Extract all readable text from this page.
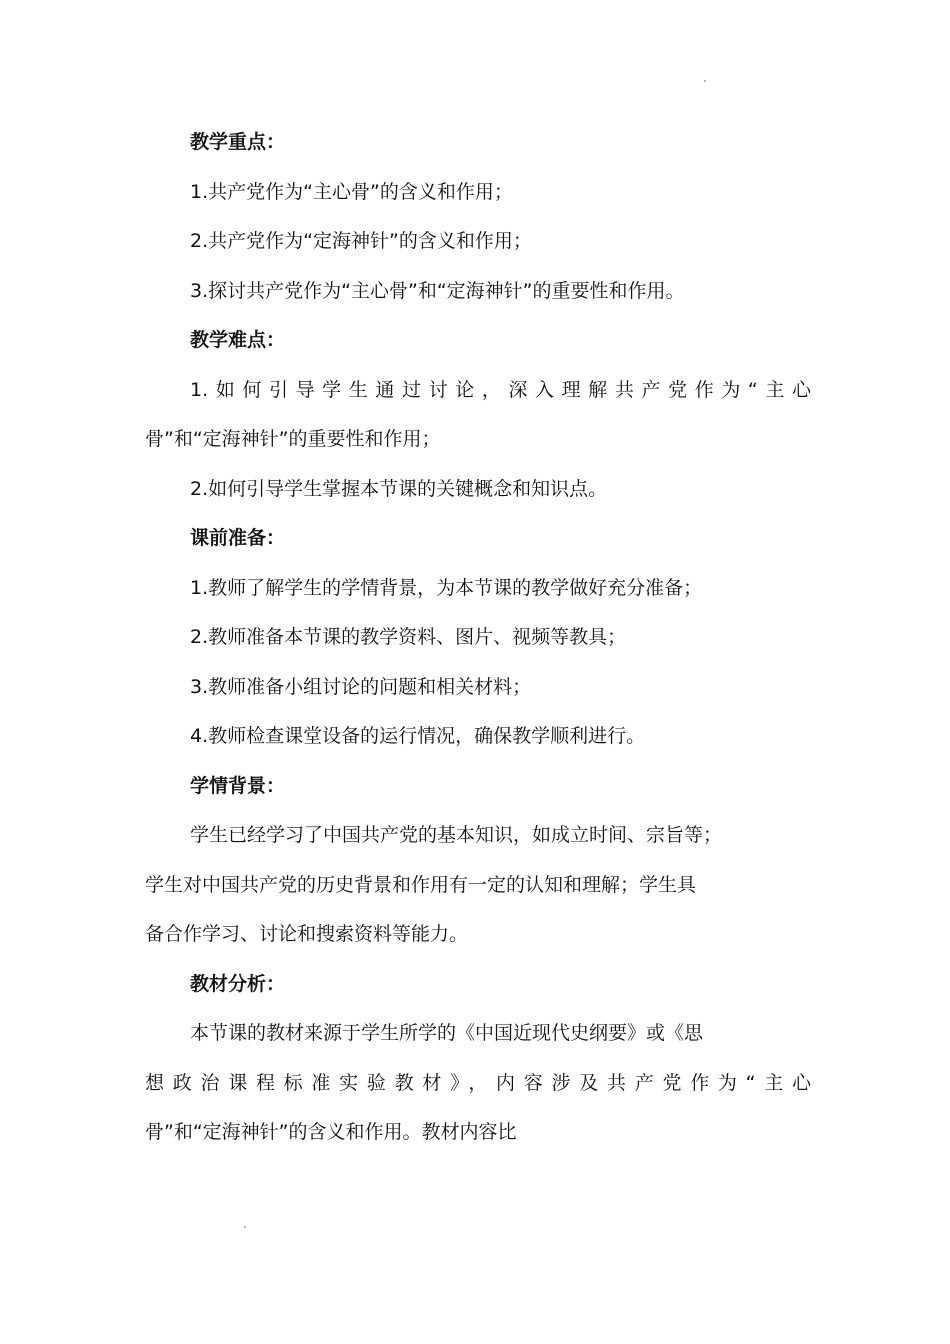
教学重点：
1.共产党作为“主心骨”的含义和作用；
2.共产党作为“定海神针”的含义和作用；
3.探讨共产党作为“主心骨”和“定海神针”的重要性和作用。
教学难点：
1.如何引导学生通过讨论，深入理解共产党作为“主心
骨”和“定海神针”的重要性和作用；
2.如何引导学生掌握本节课的关键概念和知识点。
课前准备：
1.教师了解学生的学情背景，为本节课的教学做好充分准备；
2.教师准备本节课的教学资料、图片、视频等教具；
3.教师准备小组讨论的问题和相关材料；
4.教师检查课堂设备的运行情况，确保教学顺利进行。
学情背景：
学生已经学习了中国共产党的基本知识，如成立时间、宗旨等；
学生对中国共产党的历史背景和作用有一定的认知和理解；学生具
备合作学习、讨论和搜索资料等能力。
教材分析：
本节课的教材来源于学生所学的《中国近现代史纲要》或《思
想政治课程标准实验教材》，内容涉及共产党作为“主心
骨”和“定海神针”的含义和作用。教材内容比
